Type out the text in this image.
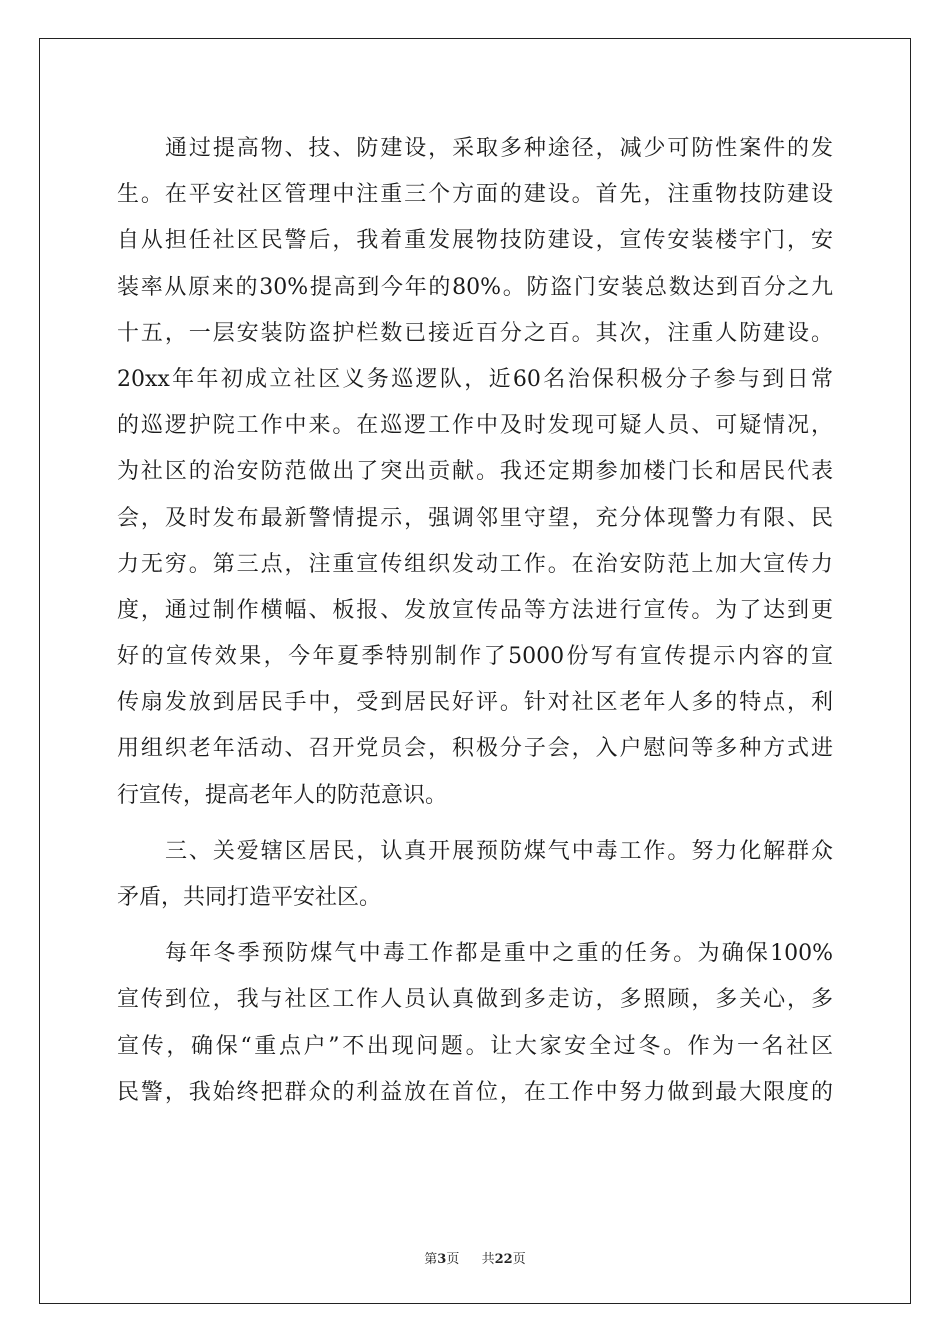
通过提高物、技、防建设，采取多种途径，减少可防性案件的发
生。在平安社区管理中注重三个方面的建设。首先，注重物技防建设
自从担任社区民警后，我着重发展物技防建设，宣传安装楼宇门，安
装率从原来的30%提高到今年的80%。防盗门安装总数达到百分之九
十五，一层安装防盗护栏数已接近百分之百。其次，注重人防建设。
20xx年年初成立社区义务巡逻队，近60名治保积极分子参与到日常
的巡逻护院工作中来。在巡逻工作中及时发现可疑人员、可疑情况，
为社区的治安防范做出了突出贡献。我还定期参加楼门长和居民代表
会，及时发布最新警情提示，强调邻里守望，充分体现警力有限、民
力无穷。第三点，注重宣传组织发动工作。在治安防范上加大宣传力
度，通过制作横幅、板报、发放宣传品等方法进行宣传。为了达到更
好的宣传效果，今年夏季特别制作了5000份写有宣传提示内容的宣
传扇发放到居民手中，受到居民好评。针对社区老年人多的特点，利
用组织老年活动、召开党员会，积极分子会，入户慰问等多种方式进
行宣传，提高老年人的防范意识。
三、关爱辖区居民，认真开展预防煤气中毒工作。努力化解群众
矛盾，共同打造平安社区。
每年冬季预防煤气中毒工作都是重中之重的任务。为确保100%
宣传到位，我与社区工作人员认真做到多走访，多照顾，多关心，多
宣传，确保“重点户”不出现问题。让大家安全过冬。作为一名社区
民警，我始终把群众的利益放在首位，在工作中努力做到最大限度的
第3页 共22页
